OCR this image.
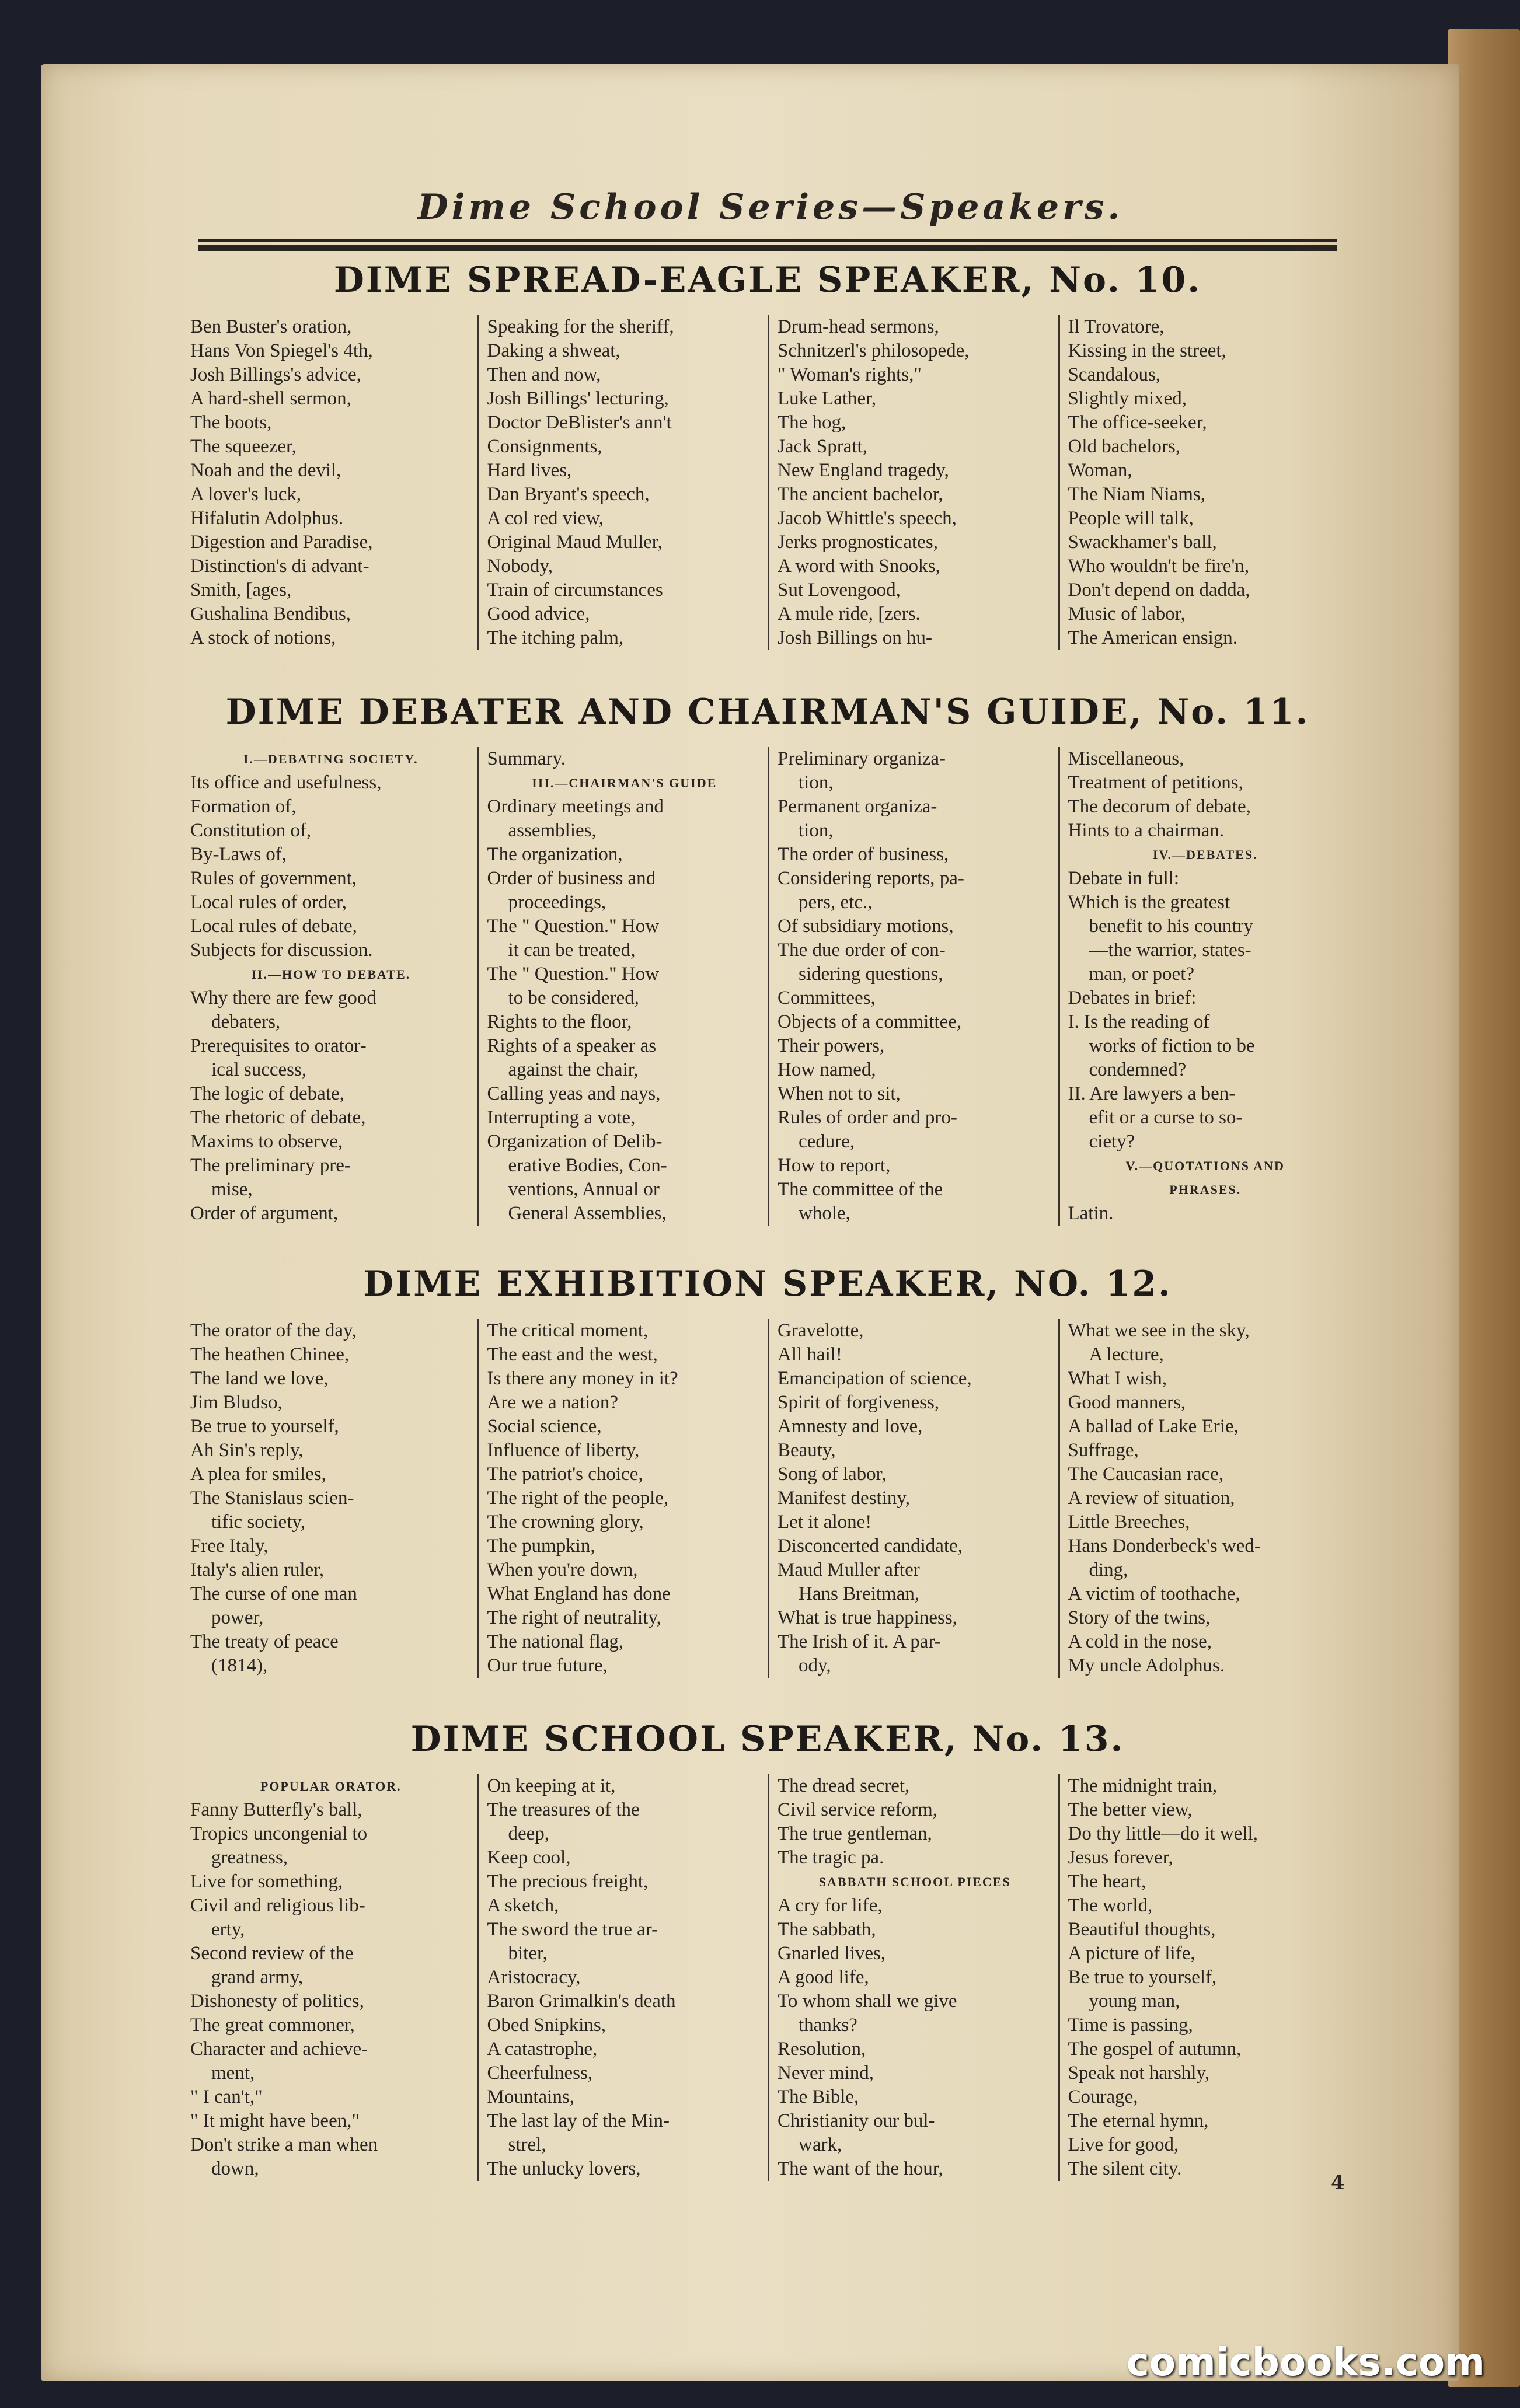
Dime School Series—Speakers.
DIME SPREAD-EAGLE SPEAKER, No. 10.
Ben Buster's oration,
Hans Von Spiegel's 4th,
Josh Billings's advice,
A hard-shell sermon,
The boots,
The squeezer,
Noah and the devil,
A lover's luck,
Hifalutin Adolphus.
Digestion and Paradise,
Distinction's di advant-
Smith, [ages,
Gushalina Bendibus,
A stock of notions,
Speaking for the sheriff,
Daking a shweat,
Then and now,
Josh Billings' lecturing,
Doctor DeBlister's ann't
Consignments,
Hard lives,
Dan Bryant's speech,
A col red view,
Original Maud Muller,
Nobody,
Train of circumstances
Good advice,
The itching palm,
Drum-head sermons,
Schnitzerl's philosopede,
" Woman's rights,"
Luke Lather,
The hog,
Jack Spratt,
New England tragedy,
The ancient bachelor,
Jacob Whittle's speech,
Jerks prognosticates,
A word with Snooks,
Sut Lovengood,
A mule ride, [zers.
Josh Billings on hu-
Il Trovatore,
Kissing in the street,
Scandalous,
Slightly mixed,
The office-seeker,
Old bachelors,
Woman,
The Niam Niams,
People will talk,
Swackhamer's ball,
Who wouldn't be fire'n,
Don't depend on dadda,
Music of labor,
The American ensign.
DIME DEBATER AND CHAIRMAN'S GUIDE, No. 11.
I.—DEBATING SOCIETY.
Its office and usefulness,
Formation of,
Constitution of,
By-Laws of,
Rules of government,
Local rules of order,
Local rules of debate,
Subjects for discussion.
II.—HOW TO DEBATE.
Why there are few good
debaters,
Prerequisites to orator-
ical success,
The logic of debate,
The rhetoric of debate,
Maxims to observe,
The preliminary pre-
mise,
Order of argument,
Summary.
III.—CHAIRMAN'S GUIDE
Ordinary meetings and
assemblies,
The organization,
Order of business and
proceedings,
The " Question." How
it can be treated,
The " Question." How
to be considered,
Rights to the floor,
Rights of a speaker as
against the chair,
Calling yeas and nays,
Interrupting a vote,
Organization of Delib-
erative Bodies, Con-
ventions, Annual or
General Assemblies,
Preliminary organiza-
tion,
Permanent organiza-
tion,
The order of business,
Considering reports, pa-
pers, etc.,
Of subsidiary motions,
The due order of con-
sidering questions,
Committees,
Objects of a committee,
Their powers,
How named,
When not to sit,
Rules of order and pro-
cedure,
How to report,
The committee of the
whole,
Miscellaneous,
Treatment of petitions,
The decorum of debate,
Hints to a chairman.
IV.—DEBATES.
Debate in full:
Which is the greatest
benefit to his country
—the warrior, states-
man, or poet?
Debates in brief:
I. Is the reading of
works of fiction to be
condemned?
II. Are lawyers a ben-
efit or a curse to so-
ciety?
V.—QUOTATIONS AND
PHRASES.
Latin.
DIME EXHIBITION SPEAKER, NO. 12.
The orator of the day,
The heathen Chinee,
The land we love,
Jim Bludso,
Be true to yourself,
Ah Sin's reply,
A plea for smiles,
The Stanislaus scien-
tific society,
Free Italy,
Italy's alien ruler,
The curse of one man
power,
The treaty of peace
(1814),
The critical moment,
The east and the west,
Is there any money in it?
Are we a nation?
Social science,
Influence of liberty,
The patriot's choice,
The right of the people,
The crowning glory,
The pumpkin,
When you're down,
What England has done
The right of neutrality,
The national flag,
Our true future,
Gravelotte,
All hail!
Emancipation of science,
Spirit of forgiveness,
Amnesty and love,
Beauty,
Song of labor,
Manifest destiny,
Let it alone!
Disconcerted candidate,
Maud Muller after
Hans Breitman,
What is true happiness,
The Irish of it. A par-
ody,
What we see in the sky,
A lecture,
What I wish,
Good manners,
A ballad of Lake Erie,
Suffrage,
The Caucasian race,
A review of situation,
Little Breeches,
Hans Donderbeck's wed-
ding,
A victim of toothache,
Story of the twins,
A cold in the nose,
My uncle Adolphus.
DIME SCHOOL SPEAKER, No. 13.
POPULAR ORATOR.
Fanny Butterfly's ball,
Tropics uncongenial to
greatness,
Live for something,
Civil and religious lib-
erty,
Second review of the
grand army,
Dishonesty of politics,
The great commoner,
Character and achieve-
ment,
" I can't,"
" It might have been,"
Don't strike a man when
down,
On keeping at it,
The treasures of the
deep,
Keep cool,
The precious freight,
A sketch,
The sword the true ar-
biter,
Aristocracy,
Baron Grimalkin's death
Obed Snipkins,
A catastrophe,
Cheerfulness,
Mountains,
The last lay of the Min-
strel,
The unlucky lovers,
The dread secret,
Civil service reform,
The true gentleman,
The tragic pa.
SABBATH SCHOOL PIECES
A cry for life,
The sabbath,
Gnarled lives,
A good life,
To whom shall we give
thanks?
Resolution,
Never mind,
The Bible,
Christianity our bul-
wark,
The want of the hour,
The midnight train,
The better view,
Do thy little—do it well,
Jesus forever,
The heart,
The world,
Beautiful thoughts,
A picture of life,
Be true to yourself,
young man,
Time is passing,
The gospel of autumn,
Speak not harshly,
Courage,
The eternal hymn,
Live for good,
The silent city.
4
comicbooks.com
